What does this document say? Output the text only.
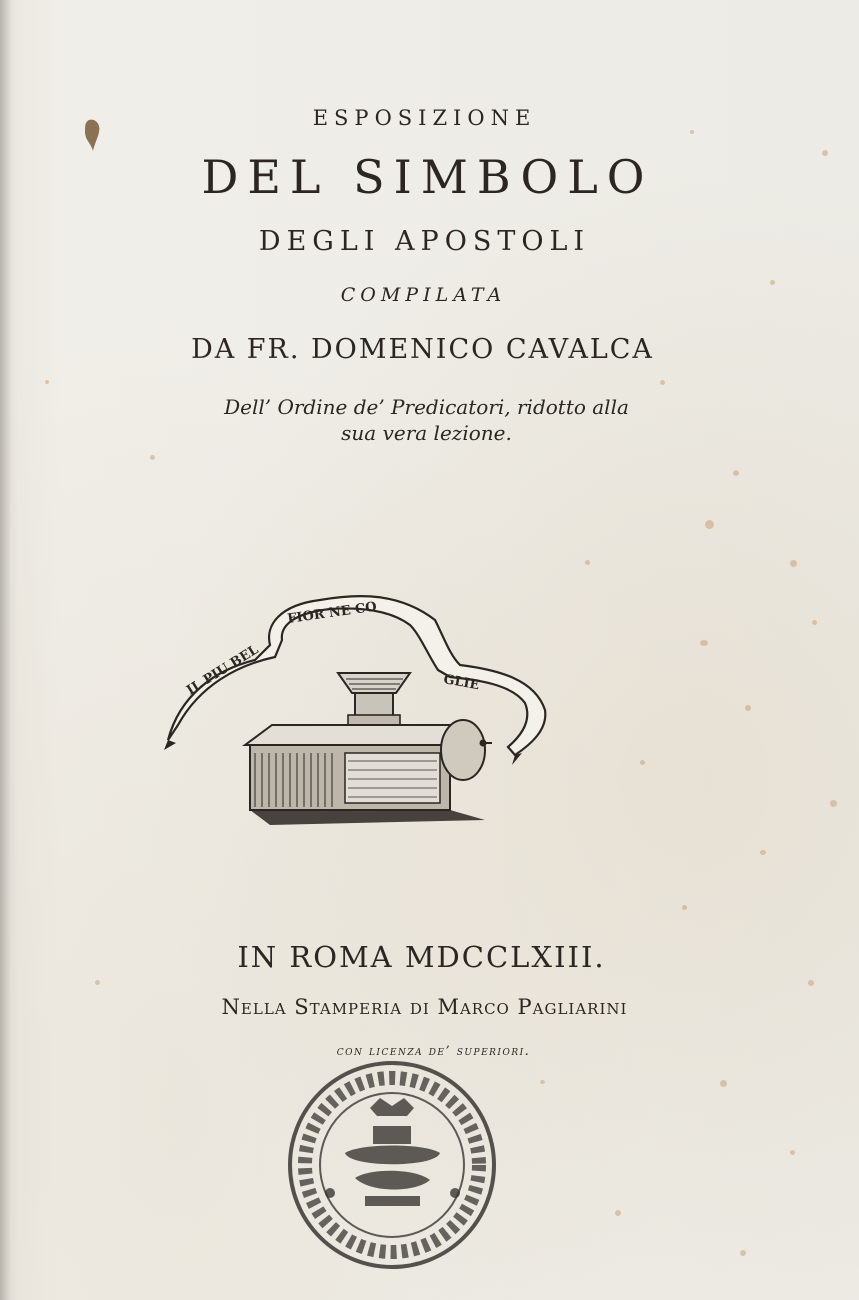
ESPOSIZIONE
DEL SIMBOLO
DEGLI APOSTOLI
COMPILATA
DA FR. DOMENICO CAVALCA
Dell’ Ordine de’ Predicatori, ridotto alla sua vera lezione.
IL PIU BEL
FIOR NE CO
GLIE
IN ROMA MDCCLXIII.
Nella Stamperia di Marco Pagliarini
con licenza de’ superiori.
